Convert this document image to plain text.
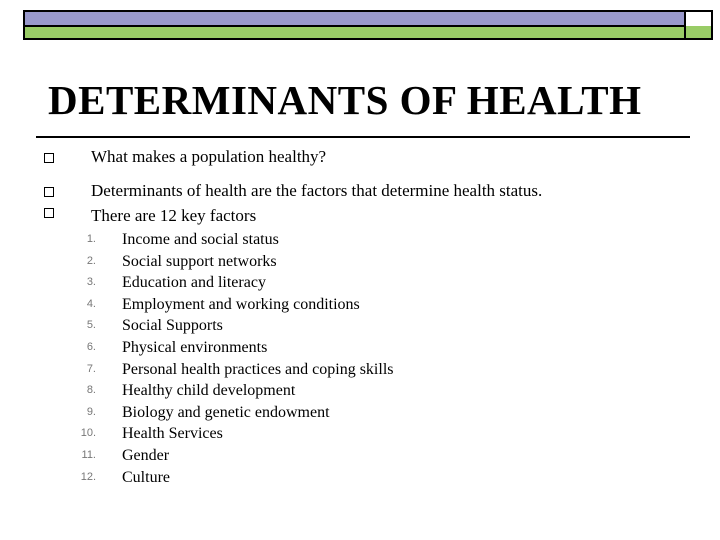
DETERMINANTS OF HEALTH
What makes a population healthy?
Determinants of health are the factors that determine health status.
There are 12 key factors
1. Income and social status
2. Social support networks
3. Education and literacy
4. Employment and working conditions
5. Social Supports
6. Physical environments
7. Personal health practices and coping skills
8. Healthy child development
9. Biology and genetic endowment
10. Health Services
11. Gender
12. Culture
